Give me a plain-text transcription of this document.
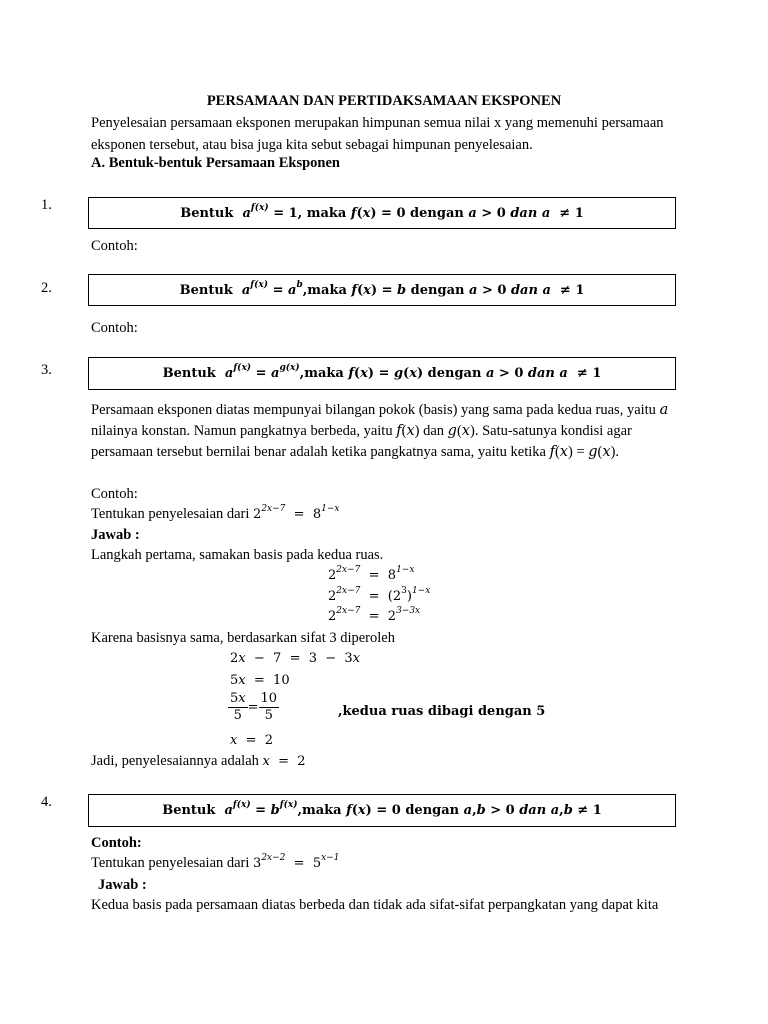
PERSAMAAN DAN PERTIDAKSAMAAN EKSPONEN
Penyelesaian persamaan eksponen merupakan himpunan semua nilai x yang memenuhi persamaan
eksponen tersebut, atau bisa juga kita sebut sebagai himpunan penyelesaian.
A. Bentuk-bentuk Persamaan Eksponen
1.	Bentuk
$a^{f(x)} = 1$, maka
f ( x ) = 0 dengan
a > 0 dan
a ≠ 1
Contoh:
2.	Bentuk
$a^{f(x)} = a^b$ , maka
f ( x ) = b
dengan
a > 0 dan
a ≠ 1
Contoh:
3.	Bentuk
$a^{f(x)} = a^{g(x)}$ , maka
f ( x ) = g ( x ) dengan
a > 0 dan
a ≠ 1
Persamaan eksponen diatas mempunyai bilangan pokok (basis) yang sama pada kedua ruas, yaitu a
nilainya konstan. Namun pangkatnya berbeda, yaitu f(x) dan g(x). Satu-satunya kondisi agar
persamaan tersebut bernilai benar adalah ketika pangkatnya sama, yaitu ketika f(x) = g(x).
Contoh:
Tentukan penyelesaian dari $2^{2x-7} = 8^{1-x}$
Jawab :
Langkah pertama, samakan basis pada kedua ruas.
$2^{2x-7} = 8^{1-x}$
$2^{2x-7} = (2^3)^{1-x}$
$2^{2x-7} = 2^{3-3x}$
Karena basisnya sama, berdasarkan sifat 3 diperoleh
2x  −  7  =  3  −  3x
5x  =  10
$\frac{5x}{5} = \frac{10}{5}$	,kedua ruas dibagi dengan 5
x  =  2
Jadi, penyelesaiannya adalah x  =  2
4.
Bentuk
$a^{f(x)} = b^{f(x)}$ , maka
f ( x ) = 0 dengan
a , b > 0 dan
a , b ≠ 1
Contoh:
Tentukan penyelesaian dari $3^{2x-2} = 5^{x-1}$
Jawab :
Kedua basis pada persamaan diatas berbeda dan tidak ada sifat-sifat perpangkatan yang dapat kita
